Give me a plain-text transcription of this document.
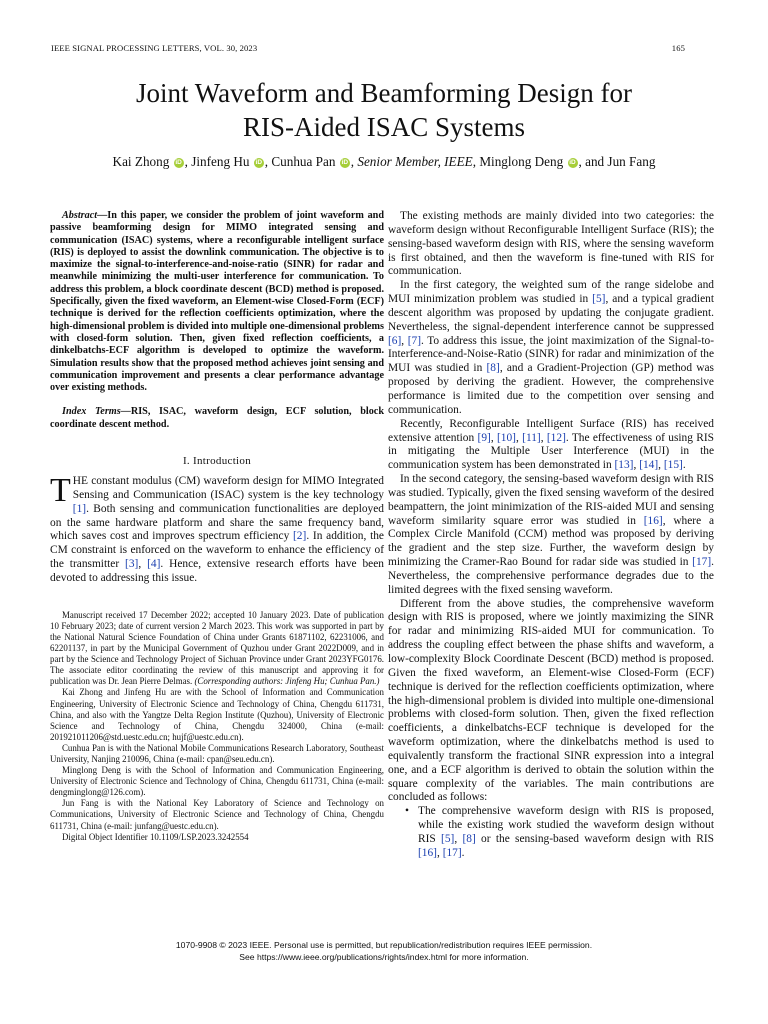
IEEE SIGNAL PROCESSING LETTERS, VOL. 30, 2023	165
Joint Waveform and Beamforming Design for
RIS-Aided ISAC Systems
Kai Zhong iD , Jinfeng Hu iD , Cunhua Pan iD , Senior Member, IEEE, Minglong Deng iD , and Jun Fang

Abstract—In this paper, we consider the problem of joint waveform and passive beamforming design for MIMO integrated sensing and communication (ISAC) systems, where a reconfigurable intelligent surface (RIS) is deployed to assist the downlink communication. The objective is to maximize the signal-to-interference-and-noise-ratio (SINR) for radar and meanwhile minimizing the multi-user interference for communication. To address this problem, a block coordinate descent (BCD) method is proposed. Specifically, given the fixed waveform, an Element-wise Closed-Form (ECF) technique is derived for the reflection coefficients optimization, where the high-dimensional problem is divided into multiple one-dimensional problems with closed-form solution. Then, given fixed reflection coefficients, a dinkelbatchs-ECF algorithm is developed to optimize the waveform. Simulation results show that the proposed method achieves joint sensing and communication improvement and presents a clear performance advantage over existing methods.

Index Terms—RIS, ISAC, waveform design, ECF solution, block coordinate descent method.

I. Introduction

THE constant modulus (CM) waveform design for MIMO Integrated Sensing and Communication (ISAC) system is the key technology [1]. Both sensing and communication functionalities are deployed on the same hardware platform and share the same frequency band, which saves cost and improves spectrum efficiency [2]. In addition, the CM constraint is enforced on the waveform to enhance the efficiency of the transmitter [3], [4]. Hence, extensive research efforts have been devoted to addressing this issue.

Manuscript received 17 December 2022; accepted 10 January 2023. Date of publication 10 February 2023; date of current version 2 March 2023. This work was supported in part by the National Natural Science Foundation of China under Grants 61871102, 62231006, and 62201137, in part by the Municipal Government of Quzhou under Grant 2022D009, and in part by the Science and Technology Project of Sichuan Province under Grant 2023YFG0176. The associate editor coordinating the review of this manuscript and approving it for publication was Dr. Jean Pierre Delmas. (Corresponding authors: Jinfeng Hu; Cunhua Pan.)

Kai Zhong and Jinfeng Hu are with the School of Information and Communication Engineering, University of Electronic Science and Technology of China, Chengdu 611731, China, and also with the Yangtze Delta Region Institute (Quzhou), University of Electronic Science and Technology of China, Chengdu 324000, China (e-mail: 201921011206@std.uestc.edu.cn; hujf@uestc.edu.cn).

Cunhua Pan is with the National Mobile Communications Research Laboratory, Southeast University, Nanjing 210096, China (e-mail: cpan@seu.edu.cn).

Minglong Deng is with the School of Information and Communication Engineering, University of Electronic Science and Technology of China, Chengdu 611731, China (e-mail: dengminglong@126.com).

Jun Fang is with the National Key Laboratory of Science and Technology on Communications, University of Electronic Science and Technology of China, Chengdu 611731, China (e-mail: junfang@uestc.edu.cn).

Digital Object Identifier 10.1109/LSP.2023.3242554

The existing methods are mainly divided into two categories: the waveform design without Reconfigurable Intelligent Surface (RIS); the sensing-based waveform design with RIS, where the sensing waveform is first obtained, and then the waveform is fine-tuned with RIS for communication.

In the first category, the weighted sum of the range sidelobe and MUI minimization problem was studied in [5], and a typical gradient descent algorithm was proposed by updating the conjugate gradient. Nevertheless, the signal-dependent interference cannot be suppressed [6], [7]. To address this issue, the joint maximization of the Signal-to-Interference-and-Noise-Ratio (SINR) for radar and minimization of the MUI was studied in [8], and a Gradient-Projection (GP) method was proposed by deriving the gradient. However, the comprehensive performance is limited due to the competition over sensing and communication.

Recently, Reconfigurable Intelligent Surface (RIS) has received extensive attention [9], [10], [11], [12]. The effectiveness of using RIS in mitigating the Multiple User Interference (MUI) in the communication system has been demonstrated in [13], [14], [15].

In the second category, the sensing-based waveform design with RIS was studied. Typically, given the fixed sensing waveform of the desired beampattern, the joint minimization of the RIS-aided MUI and sensing waveform similarity square error was studied in [16], where a Complex Circle Manifold (CCM) method was proposed by deriving the gradient and the step size. Further, the waveform design by minimizing the Cramer-Rao Bound for radar side was studied in [17]. Nevertheless, the comprehensive performance degrades due to the limited degrees with the fixed sensing waveform.

Different from the above studies, the comprehensive waveform design with RIS is proposed, where we jointly maximizing the SINR for radar and minimizing RIS-aided MUI for communication. To address the coupling effect between the phase shifts and waveform, a low-complexity Block Coordinate Descent (BCD) method is proposed. Given the fixed waveform, an Element-wise Closed-Form (ECF) technique is derived for the reflection coefficients optimization, where the high-dimensional problem is divided into multiple one-dimensional problems with closed-form solution. Then, given the fixed reflection coefficients, a dinkelbatchs-ECF technique is developed for the waveform optimization, where the dinkelbatchs method is used to equivalently transform the fractional SINR expression into a integral one, and a ECF algorithm is derived to obtain the solution within the square complexity of the variables. The main contributions are concluded as follows:

• The comprehensive waveform design with RIS is proposed, while the existing work studied the waveform design without RIS [5], [8] or the sensing-based waveform design with RIS [16], [17].
1070-9908 © 2023 IEEE. Personal use is permitted, but republication/redistribution requires IEEE permission.
See https://www.ieee.org/publications/rights/index.html for more information.
